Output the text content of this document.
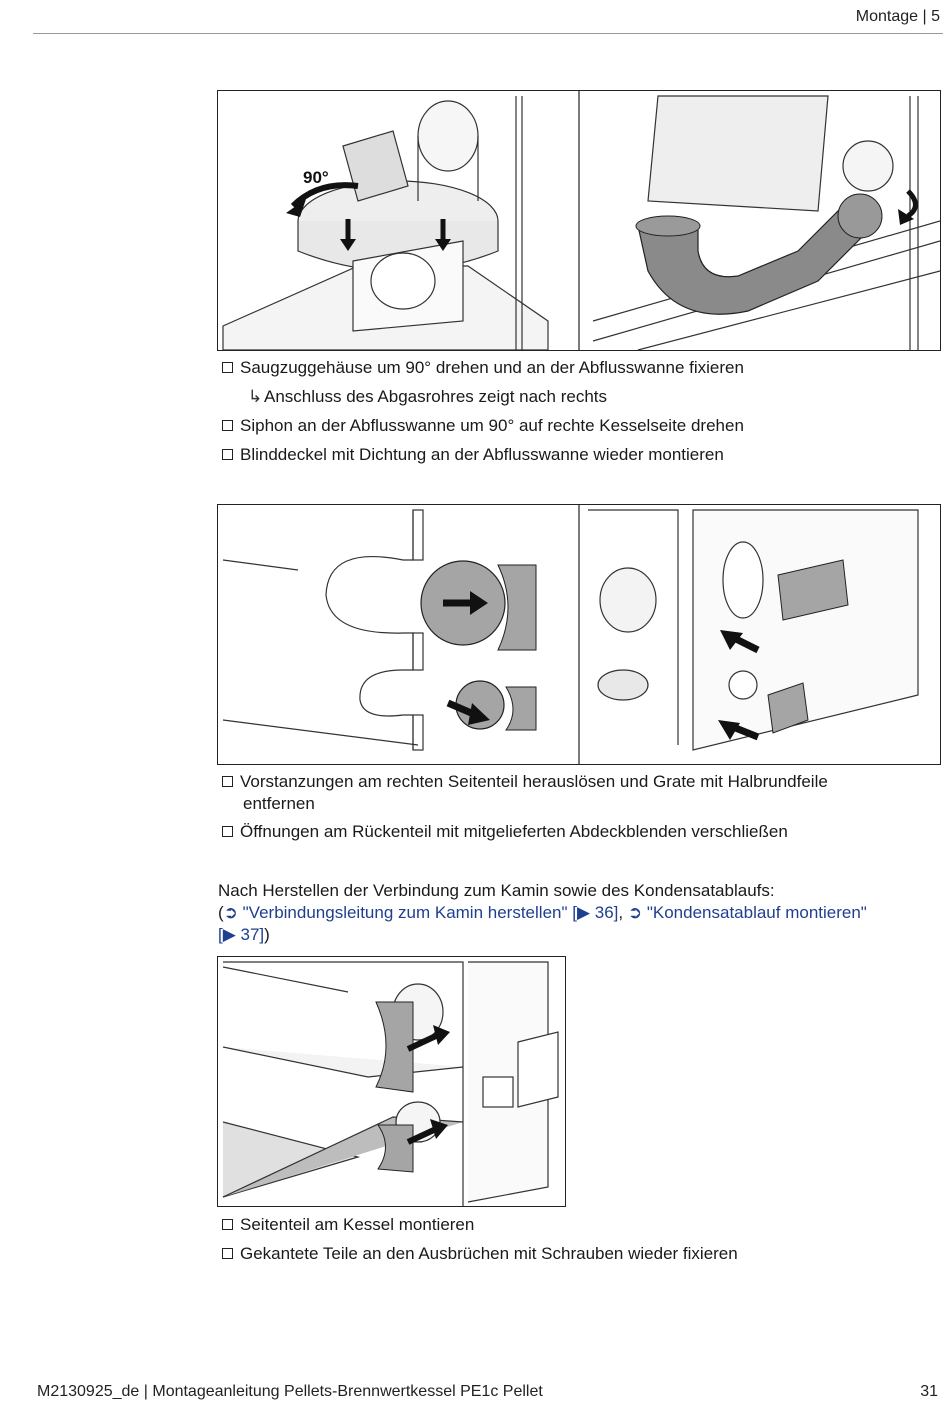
Montage | 5
90°
Saugzuggehäuse um 90° drehen und an der Abflusswanne fixieren
↳ Anschluss des Abgasrohres zeigt nach rechts
Siphon an der Abflusswanne um 90° auf rechte Kesselseite drehen
Blinddeckel mit Dichtung an der Abflusswanne wieder montieren
Vorstanzungen am rechten Seitenteil herauslösen und Grate mit Halbrundfeile
entfernen
Öffnungen am Rückenteil mit mitgelieferten Abdeckblenden verschließen
Nach Herstellen der Verbindung zum Kamin sowie des Kondensatablaufs:
(➲ "Verbindungsleitung zum Kamin herstellen" [▶ 36], ➲ "Kondensatablauf montieren"
[▶ 37])
Seitenteil am Kessel montieren
Gekantete Teile an den Ausbrüchen mit Schrauben wieder fixieren
M2130925_de | Montageanleitung Pellets-Brennwertkessel PE1c Pellet	31
